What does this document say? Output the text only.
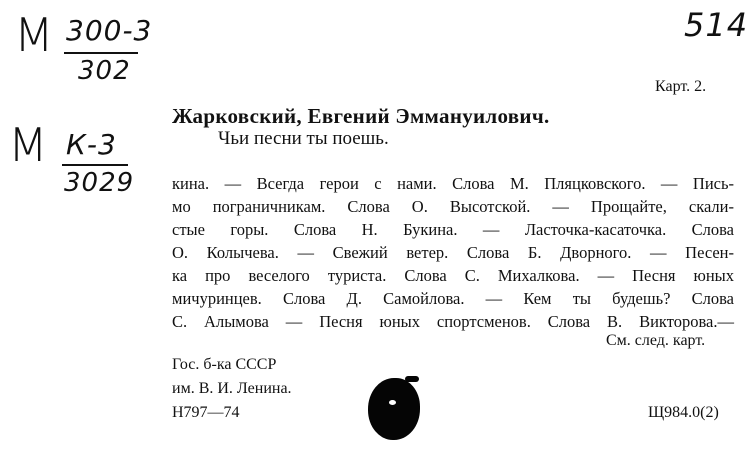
М 300-3
302
М К-3
3029
514
Карт. 2.
Жарковский, Евгений Эммануилович.
Чьи песни ты поешь.
кина. — Всегда герои с нами. Слова М. Пляцковского. — Пись-
мо пограничникам. Слова О. Высотской. — Прощайте, скали-
стые горы. Слова Н. Букина. — Ласточка-касаточка. Слова
О. Колычева. — Свежий ветер. Слова Б. Дворного. — Песен-
ка про веселого туриста. Слова С. Михалкова. — Песня юных
мичуринцев. Слова Д. Самойлова. — Кем ты будешь? Слова
С. Алымова — Песня юных спортсменов. Слова В. Викторова.—
См. след. карт.
Гос. б-ка СССР
им. В. И. Ленина.
Н797—74	Щ984.0(2)
